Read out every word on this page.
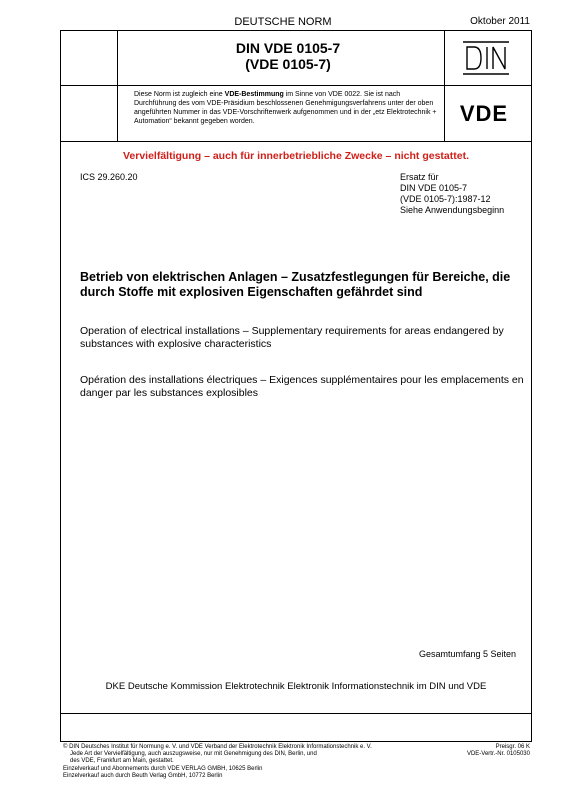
DEUTSCHE NORM	Oktober 2011
DIN VDE 0105-7
(VDE 0105-7)	DIN
VDE
Diese Norm ist zugleich eine VDE-Bestimmung im Sinne von VDE 0022. Sie ist nach Durchführung des vom VDE-Präsidium beschlossenen Genehmigungsverfahrens unter der oben angeführten Nummer in das VDE-Vorschriftenwerk aufgenommen und in der „etz Elektrotechnik + Automation“ bekannt gegeben worden.
Vervielfältigung – auch für innerbetriebliche Zwecke – nicht gestattet.
ICS 29.260.20	Ersatz für
DIN VDE 0105-7
(VDE 0105-7):1987-12
Siehe Anwendungsbeginn
Betrieb von elektrischen Anlagen – Zusatzfestlegungen für Bereiche, die durch Stoffe mit explosiven Eigenschaften gefährdet sind
Operation of electrical installations – Supplementary requirements for areas endangered by substances with explosive characteristics
Opération des installations électriques – Exigences supplémentaires pour les emplacements en danger par les substances explosibles
Gesamtumfang 5 Seiten
DKE Deutsche Kommission Elektrotechnik Elektronik Informationstechnik im DIN und VDE
© DIN Deutsches Institut für Normung e. V. und VDE Verband der Elektrotechnik Elektronik Informationstechnik e. V.
Jede Art der Vervielfältigung, auch auszugsweise, nur mit Genehmigung des DIN, Berlin, und
des VDE, Frankfurt am Main, gestattet.
Einzelverkauf und Abonnements durch VDE VERLAG GMBH, 10625 Berlin
Einzelverkauf auch durch Beuth Verlag GmbH, 10772 Berlin
Preisgr. 06 K
VDE-Vertr.-Nr. 0105030
